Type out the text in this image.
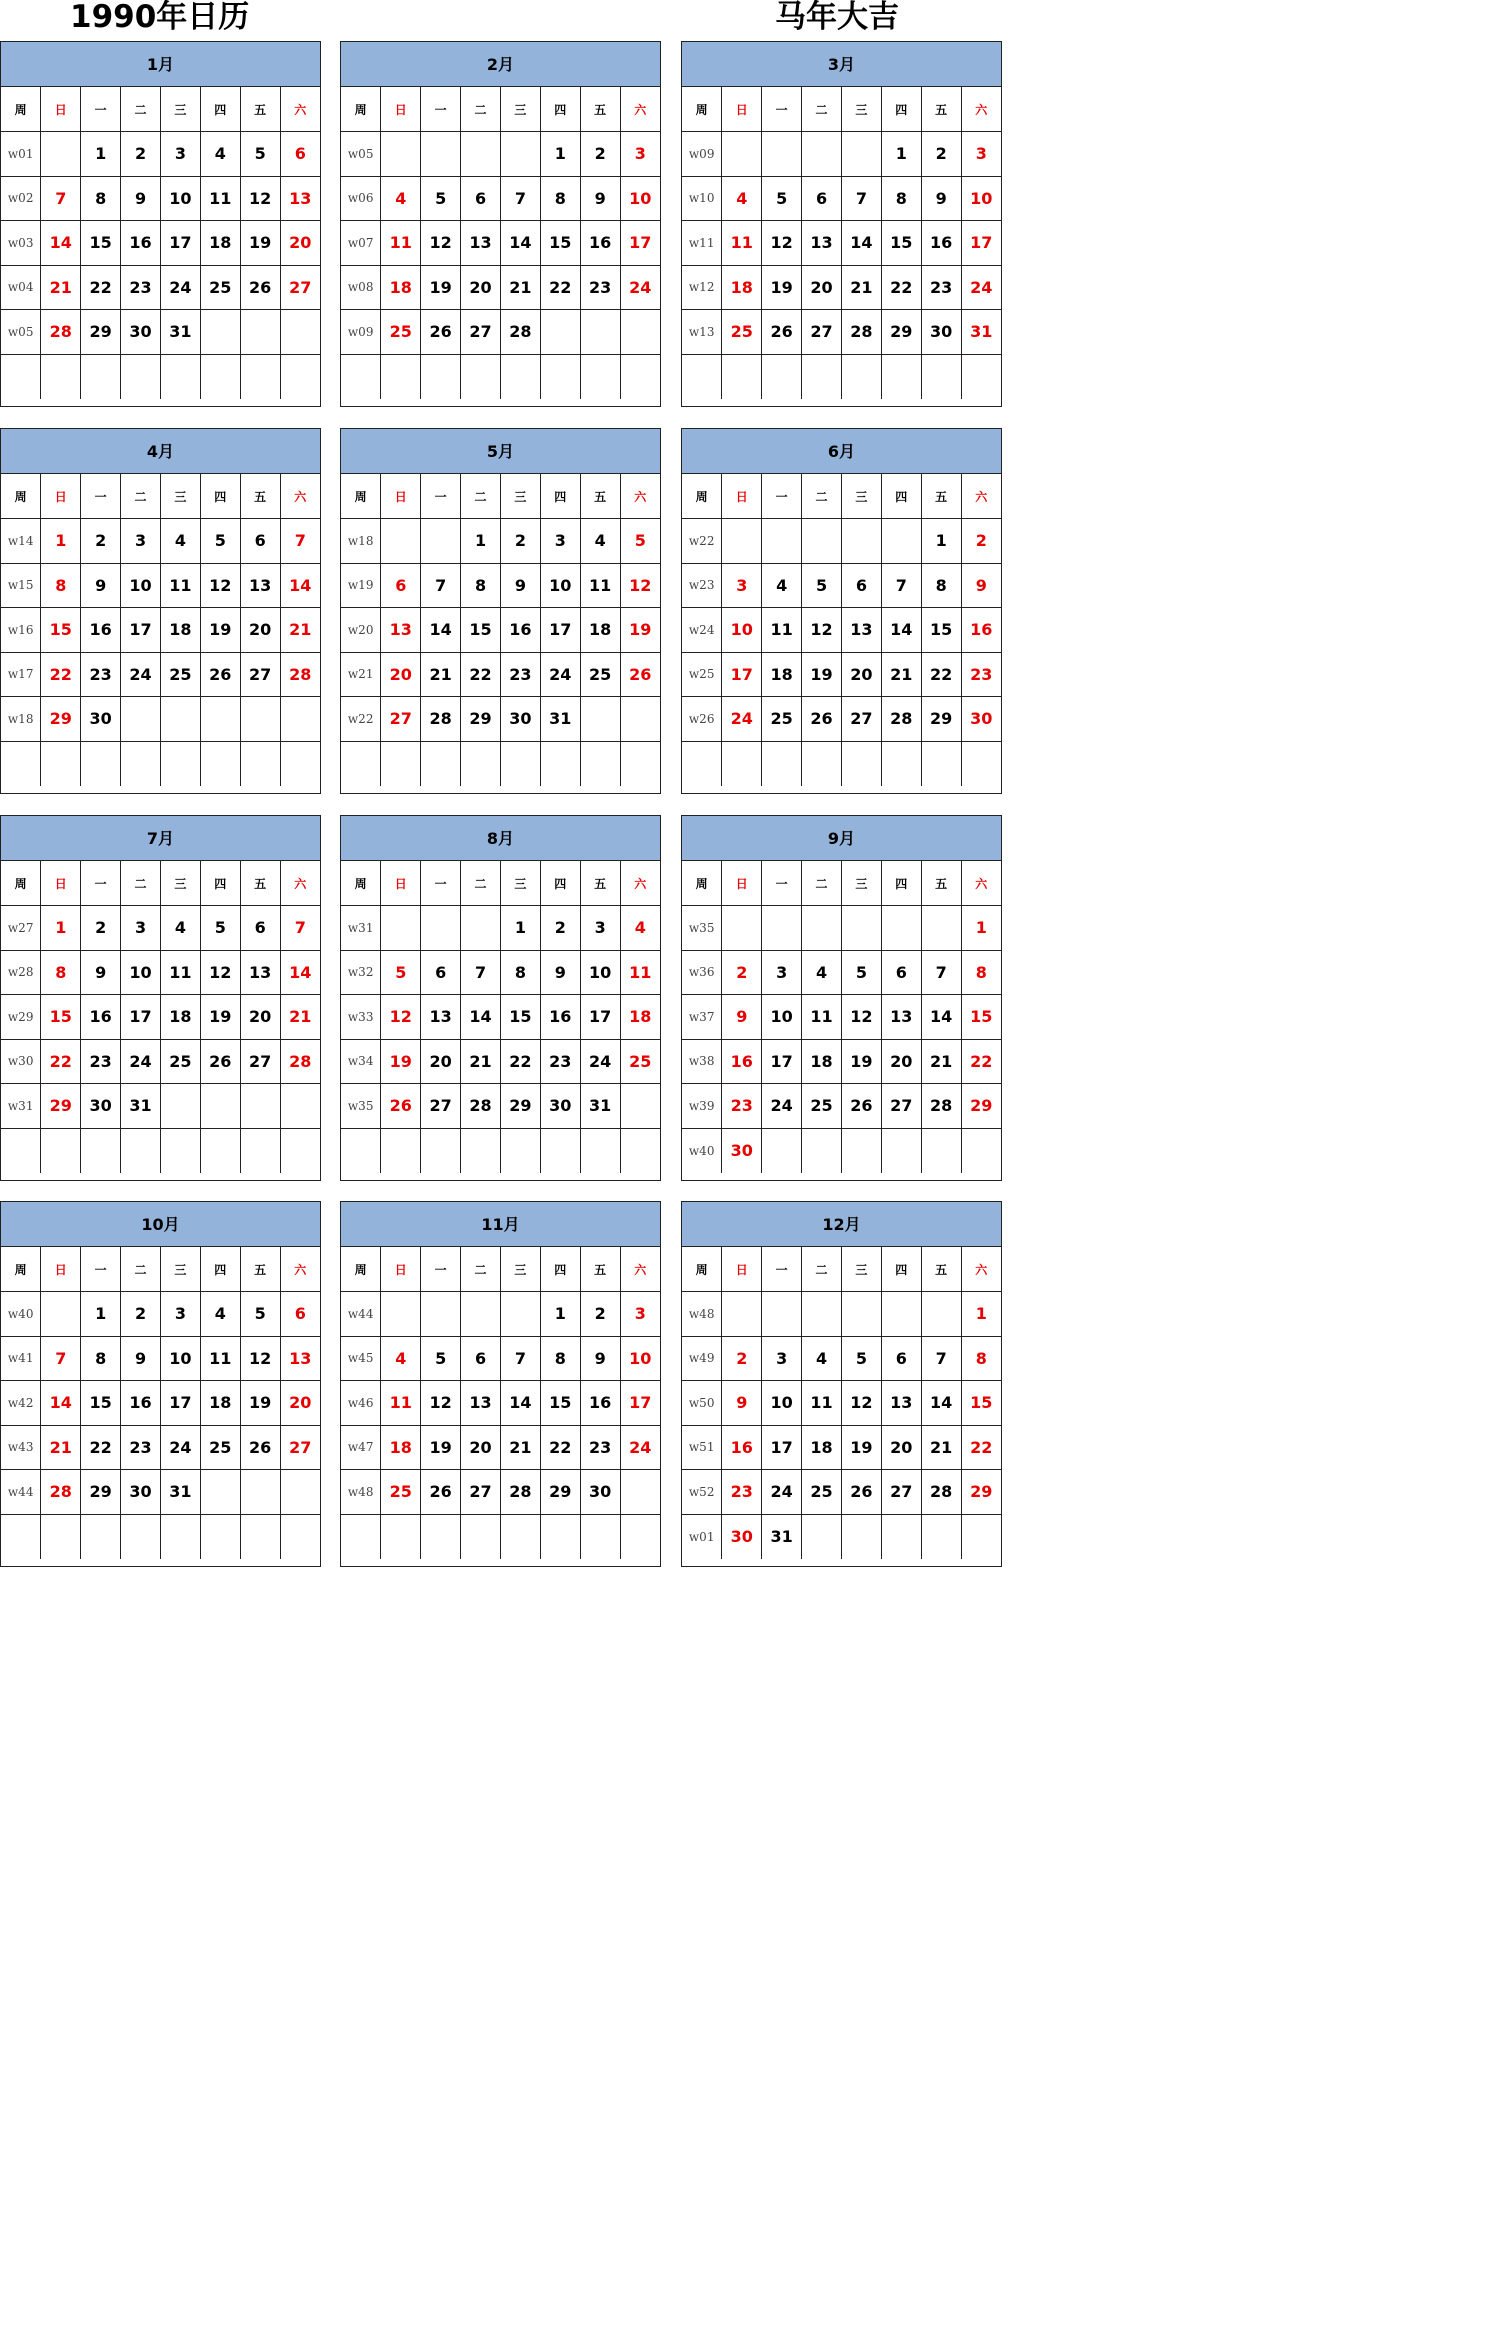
1990年日历	马年大吉
1月
周	日	一	二	三	四	五	六
w01		1	2	3	4	5	6
w02	7	8	9	10	11	12	13
w03	14	15	16	17	18	19	20
w04	21	22	23	24	25	26	27
w05	28	29	30	31			

2月
周	日	一	二	三	四	五	六
w05					1	2	3
w06	4	5	6	7	8	9	10
w07	11	12	13	14	15	16	17
w08	18	19	20	21	22	23	24
w09	25	26	27	28			

3月
周	日	一	二	三	四	五	六
w09					1	2	3
w10	4	5	6	7	8	9	10
w11	11	12	13	14	15	16	17
w12	18	19	20	21	22	23	24
w13	25	26	27	28	29	30	31

4月
周	日	一	二	三	四	五	六
w14	1	2	3	4	5	6	7
w15	8	9	10	11	12	13	14
w16	15	16	17	18	19	20	21
w17	22	23	24	25	26	27	28
w18	29	30					

5月
周	日	一	二	三	四	五	六
w18			1	2	3	4	5
w19	6	7	8	9	10	11	12
w20	13	14	15	16	17	18	19
w21	20	21	22	23	24	25	26
w22	27	28	29	30	31		

6月
周	日	一	二	三	四	五	六
w22						1	2
w23	3	4	5	6	7	8	9
w24	10	11	12	13	14	15	16
w25	17	18	19	20	21	22	23
w26	24	25	26	27	28	29	30

7月
周	日	一	二	三	四	五	六
w27	1	2	3	4	5	6	7
w28	8	9	10	11	12	13	14
w29	15	16	17	18	19	20	21
w30	22	23	24	25	26	27	28
w31	29	30	31				

8月
周	日	一	二	三	四	五	六
w31				1	2	3	4
w32	5	6	7	8	9	10	11
w33	12	13	14	15	16	17	18
w34	19	20	21	22	23	24	25
w35	26	27	28	29	30	31	

9月
周	日	一	二	三	四	五	六
w35							1
w36	2	3	4	5	6	7	8
w37	9	10	11	12	13	14	15
w38	16	17	18	19	20	21	22
w39	23	24	25	26	27	28	29
w40	30						
10月
周	日	一	二	三	四	五	六
w40		1	2	3	4	5	6
w41	7	8	9	10	11	12	13
w42	14	15	16	17	18	19	20
w43	21	22	23	24	25	26	27
w44	28	29	30	31			

11月
周	日	一	二	三	四	五	六
w44					1	2	3
w45	4	5	6	7	8	9	10
w46	11	12	13	14	15	16	17
w47	18	19	20	21	22	23	24
w48	25	26	27	28	29	30	

12月
周	日	一	二	三	四	五	六
w48							1
w49	2	3	4	5	6	7	8
w50	9	10	11	12	13	14	15
w51	16	17	18	19	20	21	22
w52	23	24	25	26	27	28	29
w01	30	31					
